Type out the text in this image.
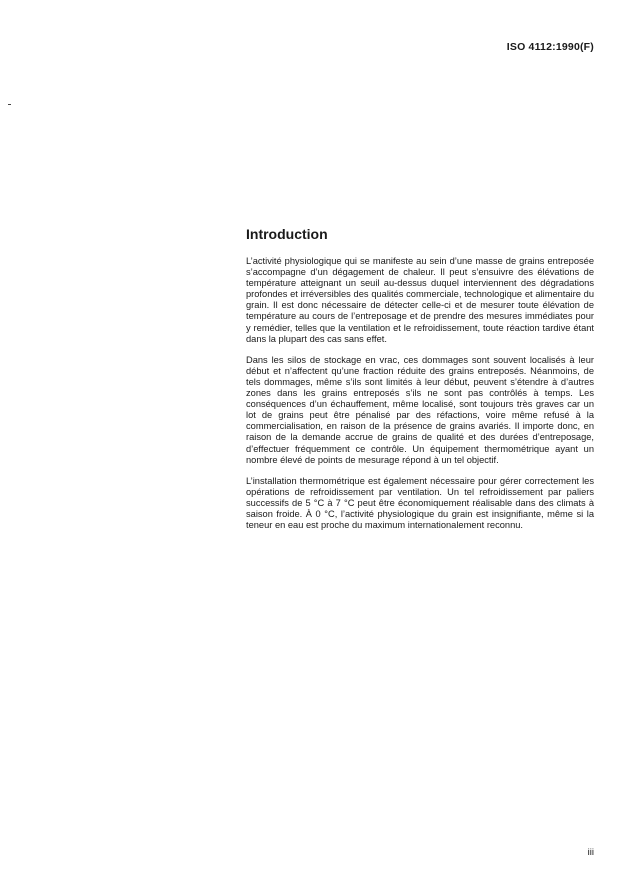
ISO 4112:1990(F)
Introduction

L’activité physiologique qui se manifeste au sein d’une masse de grains entreposée s’accompagne d’un dégagement de chaleur. Il peut s’ensuivre des élévations de température atteignant un seuil au-dessus duquel interviennent des dégradations profondes et irréversibles des qualités commerciale, technologique et alimentaire du grain. Il est donc nécessaire de détecter celle-ci et de mesurer toute élévation de température au cours de l’entreposage et de prendre des mesures immédiates pour y remédier, telles que la ventilation et le refroidissement, toute réaction tardive étant dans la plupart des cas sans effet.

Dans les silos de stockage en vrac, ces dommages sont souvent localisés à leur début et n’affectent qu’une fraction réduite des grains entreposés. Néanmoins, de tels dommages, même s’ils sont limités à leur début, peuvent s’étendre à d’autres zones dans les grains entreposés s’ils ne sont pas contrôlés à temps. Les conséquences d’un échauffement, même localisé, sont toujours très graves car un lot de grains peut être pénalisé par des réfactions, voire même refusé à la commercialisation, en raison de la présence de grains avariés. Il importe donc, en raison de la demande accrue de grains de qualité et des durées d’entreposage, d’effectuer fréquemment ce contrôle. Un équipement thermométrique ayant un nombre élevé de points de mesurage répond à un tel objectif.

L’installation thermométrique est également nécessaire pour gérer correctement les opérations de refroidissement par ventilation. Un tel refroidissement par paliers successifs de 5 °C à 7 °C peut être économiquement réalisable dans des climats à saison froide. À 0 °C, l’activité physiologique du grain est insignifiante, même si la teneur en eau est proche du maximum internationalement reconnu.

iii
